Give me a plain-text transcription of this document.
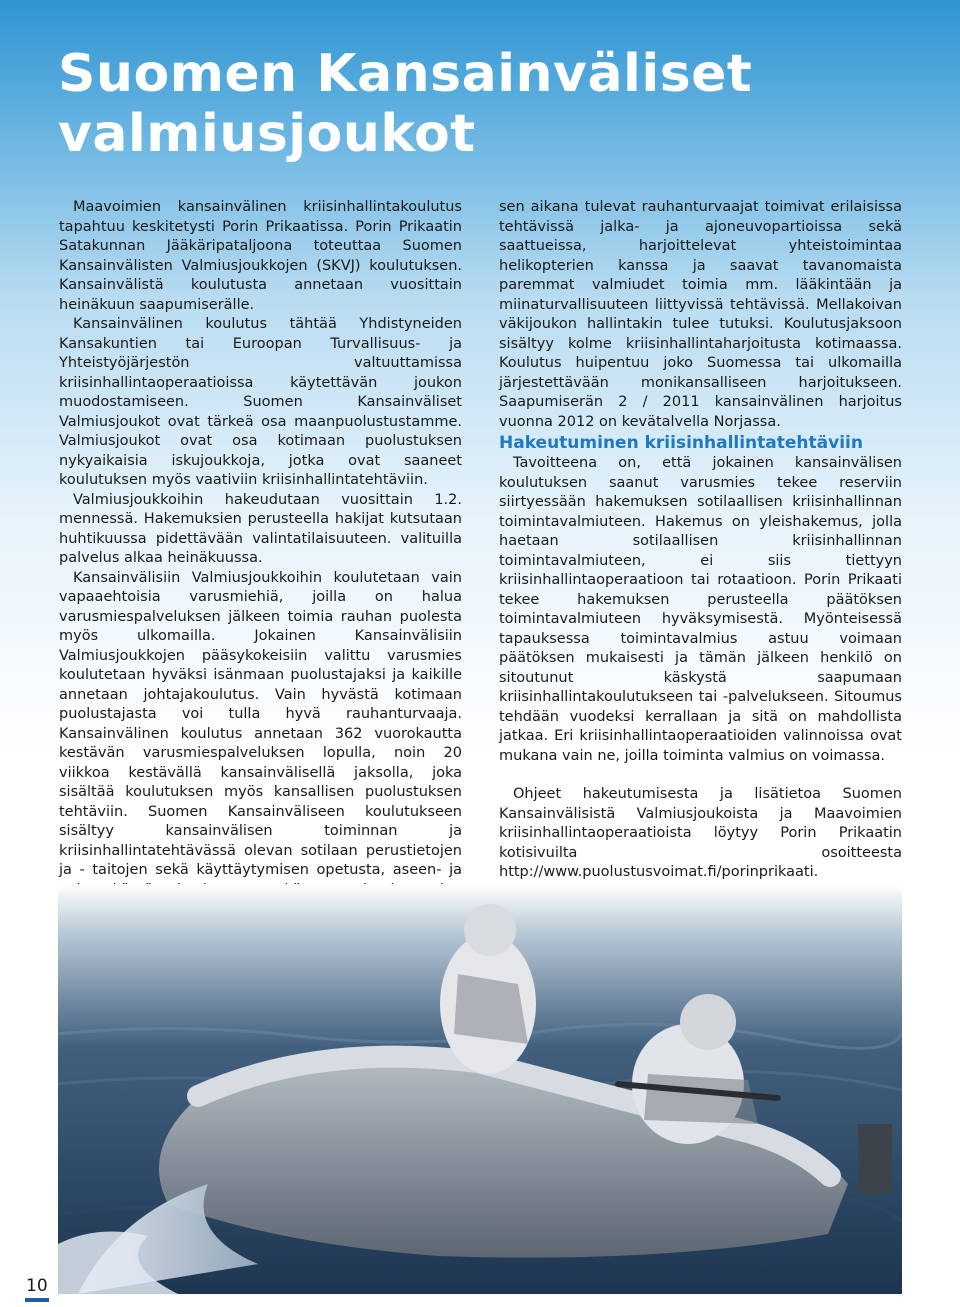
Suomen Kansainväliset
valmiusjoukot

Maavoimien kansainvälinen kriisinhallintakoulutus tapahtuu keskitetysti Porin Prikaatissa. Porin Prikaatin Satakunnan Jääkäripataljoona toteuttaa Suomen Kansainvälisten Valmiusjoukkojen (SKVJ) koulutuksen. Kansainvälistä koulutusta annetaan vuosittain heinäkuun saapumiserälle.

Kansainvälinen koulutus tähtää Yhdistyneiden Kansakuntien tai Euroopan Turvallisuus- ja Yhteistyöjärjestön valtuuttamissa kriisinhallintaoperaatioissa käytettävän joukon muodostamiseen. Suomen Kansainväliset Valmiusjoukot ovat tärkeä osa maanpuolustustamme. Valmiusjoukot ovat osa kotimaan puolustuksen nykyaikaisia iskujoukkoja, jotka ovat saaneet koulutuksen myös vaativiin kriisinhallintatehtäviin.

Valmiusjoukkoihin hakeudutaan vuosittain 1.2. mennessä. Hakemuksien perusteella hakijat kutsutaan huhtikuussa pidettävään valintatilaisuuteen. valituilla palvelus alkaa heinäkuussa.

Kansainvälisiin Valmiusjoukkoihin koulutetaan vain vapaaehtoisia varusmiehiä, joilla on halua varusmiespalveluksen jälkeen toimia rauhan puolesta myös ulkomailla. Jokainen Kansainvälisiin Valmiusjoukkojen pääsykokeisiin valittu varusmies koulutetaan hyväksi isänmaan puolustajaksi ja kaikille annetaan johtajakoulutus. Vain hyvästä kotimaan puolustajasta voi tulla hyvä rauhanturvaaja. Kansainvälinen koulutus annetaan 362 vuorokautta kestävän varusmiespalveluksen lopulla, noin 20 viikkoa kestävällä kansainvälisellä jaksolla, joka sisältää koulutuksen myös kansallisen puolustuksen tehtäviin. Suomen Kansainväliseen koulutukseen sisältyy kansainvälisen toiminnan ja kriisinhallintatehtävässä olevan sotilaan perustietojen ja - taitojen sekä käyttäytymisen opetusta, aseen- ja

sen aikana tulevat rauhanturvaajat toimivat erilaisissa tehtävissä jalka- ja ajoneuvopartioissa sekä saattueissa, harjoittelevat yhteistoimintaa helikopterien kanssa ja saavat tavanomaista paremmat valmiudet toimia mm. lääkintään ja miinaturvallisuuteen liittyvissä tehtävissä. Mellakoivan väkijoukon hallintakin tulee tutuksi. Koulutusjaksoon sisältyy kolme kriisinhallintaharjoitusta kotimaassa. Koulutus huipentuu joko Suomessa tai ulkomailla järjestettävään monikansalliseen harjoitukseen. Saapumiserän 2 / 2011 kansainvälinen harjoitus vuonna 2012 on kevätalvella Norjassa.

Hakeutuminen kriisinhallintatehtäviin

Tavoitteena on, että jokainen kansainvälisen koulutuksen saanut varusmies tekee reserviin siirtyessään hakemuksen sotilaallisen kriisinhallinnan toimintavalmiuteen. Hakemus on yleishakemus, jolla haetaan sotilaallisen kriisinhallinnan toimintavalmiuteen, ei siis tiettyyn kriisinhallintaoperaatioon tai rotaatioon. Porin Prikaati tekee hakemuksen perusteella päätöksen toimintavalmiuteen hyväksymisestä. Myönteisessä tapauksessa toimintavalmius astuu voimaan päätöksen mukaisesti ja tämän jälkeen henkilö on sitoutunut käskystä saapumaan kriisinhallintakoulutukseen tai -palvelukseen. Sitoumus tehdään vuodeksi kerrallaan ja sitä on mahdollista jatkaa. Eri kriisinhallintaoperaatioiden valinnoissa ovat mukana vain ne, joilla toiminta valmius on voimassa.

Ohjeet hakeutumisesta ja lisätietoa Suomen Kansainvälisistä Valmiusjoukoista ja Maavoimien kriisinhallintaoperaatioista löytyy Porin Prikaatin kotisivuilta osoitteesta http://www.puolustusvoimat.fi/porinprikaati.

10
